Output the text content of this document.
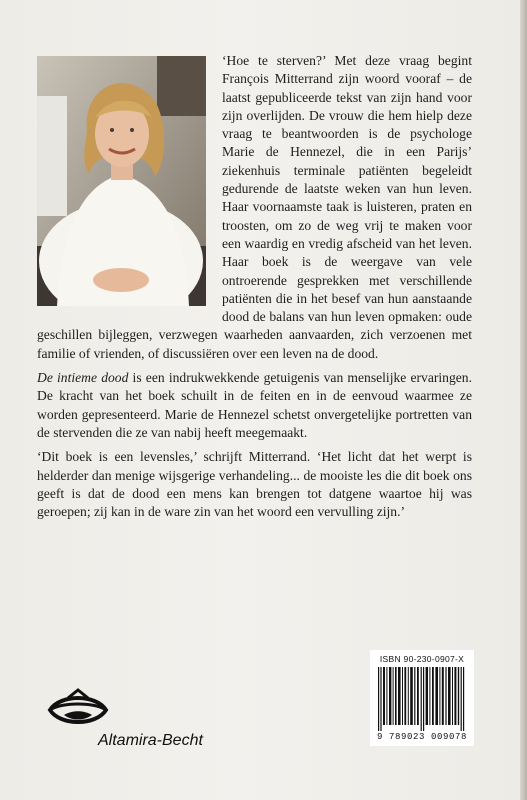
‘Hoe te sterven?’ Met deze vraag begint François Mitterrand zijn woord vooraf – de laatst gepubliceerde tekst van zijn hand voor zijn overlijden. De vrouw die hem hielp deze vraag te beantwoorden is de psychologe Marie de Hennezel, die in een Parijs’ ziekenhuis terminale patiënten begeleidt gedurende de laatste weken van hun leven. Haar voornaamste taak is luisteren, praten en troosten, om zo de weg vrij te maken voor een waardig en vredig afscheid van het leven. Haar boek is de weergave van vele ontroerende gesprekken met verschillende patiënten die in het besef van hun aanstaande dood de balans van hun leven opmaken: oude geschillen bijleggen, verzwegen waarheden aanvaarden, zich verzoenen met familie of vrienden, of discussiëren over een leven na de dood.

De intieme dood is een indrukwekkende getuigenis van menselijke ervaringen. De kracht van het boek schuilt in de feiten en in de eenvoud waarmee ze worden gepresenteerd. Marie de Hennezel schetst onvergetelijke portretten van de stervenden die ze van nabij heeft meegemaakt.

‘Dit boek is een levensles,’ schrijft Mitterrand. ‘Het licht dat het werpt is helderder dan menige wijsgerige verhandeling... de mooiste les die dit boek ons geeft is dat de dood een mens kan brengen tot datgene waartoe hij was geroepen; zij kan in de ware zin van het woord een vervulling zijn.’

ISBN 90-230-0907-X
9 789023 009078
Altamira-Becht
